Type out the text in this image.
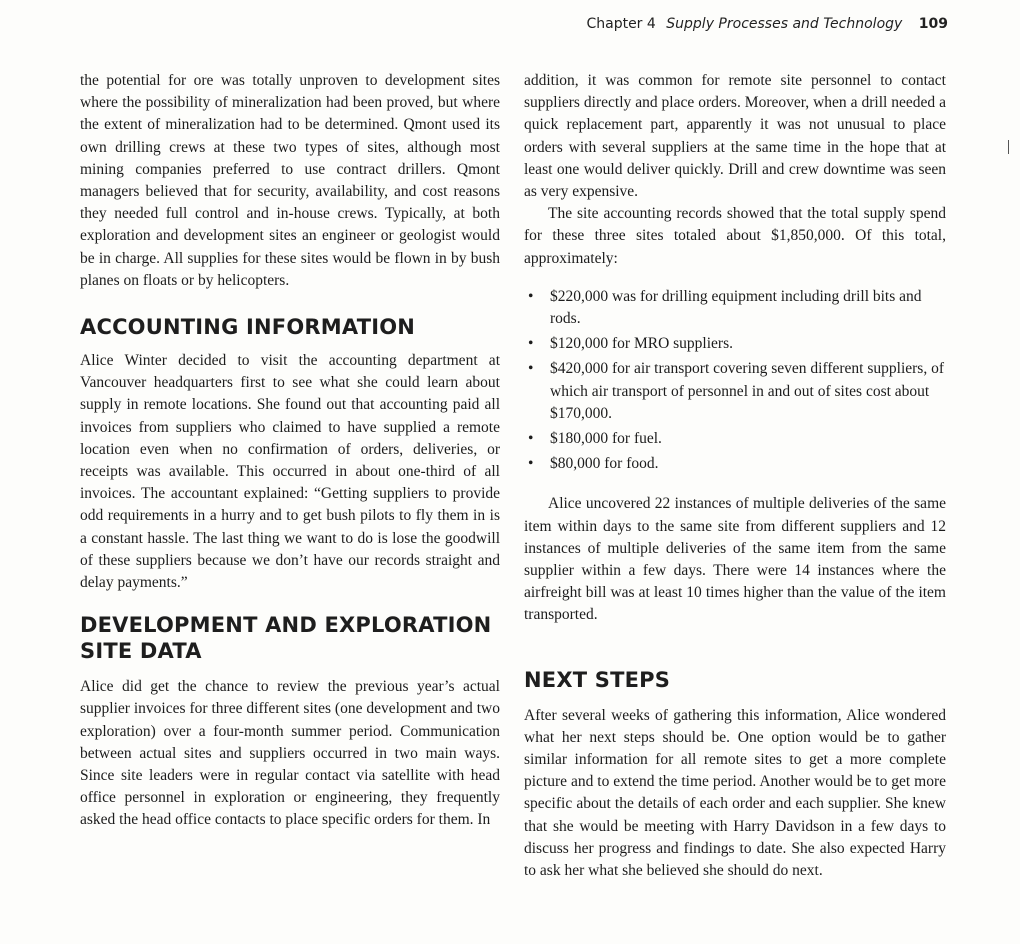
Chapter 4 Supply Processes and Technology 109

the potential for ore was totally unproven to development sites where the possibility of mineralization had been proved, but where the extent of mineralization had to be determined. Qmont used its own drilling crews at these two types of sites, although most mining companies preferred to use contract drillers. Qmont managers believed that for security, availability, and cost reasons they needed full control and in-house crews. Typically, at both exploration and development sites an engineer or geologist would be in charge. All supplies for these sites would be flown in by bush planes on floats or by helicopters.

ACCOUNTING INFORMATION

Alice Winter decided to visit the accounting department at Vancouver headquarters first to see what she could learn about supply in remote locations. She found out that accounting paid all invoices from suppliers who claimed to have supplied a remote location even when no confirmation of orders, deliveries, or receipts was available. This occurred in about one-third of all invoices. The accountant explained: “Getting suppliers to provide odd requirements in a hurry and to get bush pilots to fly them in is a constant hassle. The last thing we want to do is lose the goodwill of these suppliers because we don’t have our records straight and delay payments.”

DEVELOPMENT AND EXPLORATION
SITE DATA

Alice did get the chance to review the previous year’s actual supplier invoices for three different sites (one development and two exploration) over a four-month summer period. Communication between actual sites and suppliers occurred in two main ways. Since site leaders were in regular contact via satellite with head office personnel in exploration or engineering, they frequently asked the head office contacts to place specific orders for them. In

addition, it was common for remote site personnel to contact suppliers directly and place orders. Moreover, when a drill needed a quick replacement part, apparently it was not unusual to place orders with several suppliers at the same time in the hope that at least one would deliver quickly. Drill and crew downtime was seen as very expensive.

The site accounting records showed that the total supply spend for these three sites totaled about $1,850,000. Of this total, approximately:

• $220,000 was for drilling equipment including drill bits and rods.
• $120,000 for MRO suppliers.
• $420,000 for air transport covering seven different suppliers, of which air transport of personnel in and out of sites cost about $170,000.
• $180,000 for fuel.
• $80,000 for food.

Alice uncovered 22 instances of multiple deliveries of the same item within days to the same site from different suppliers and 12 instances of multiple deliveries of the same item from the same supplier within a few days. There were 14 instances where the airfreight bill was at least 10 times higher than the value of the item transported.

NEXT STEPS

After several weeks of gathering this information, Alice wondered what her next steps should be. One option would be to gather similar information for all remote sites to get a more complete picture and to extend the time period. Another would be to get more specific about the details of each order and each supplier. She knew that she would be meeting with Harry Davidson in a few days to discuss her progress and findings to date. She also expected Harry to ask her what she believed she should do next.
